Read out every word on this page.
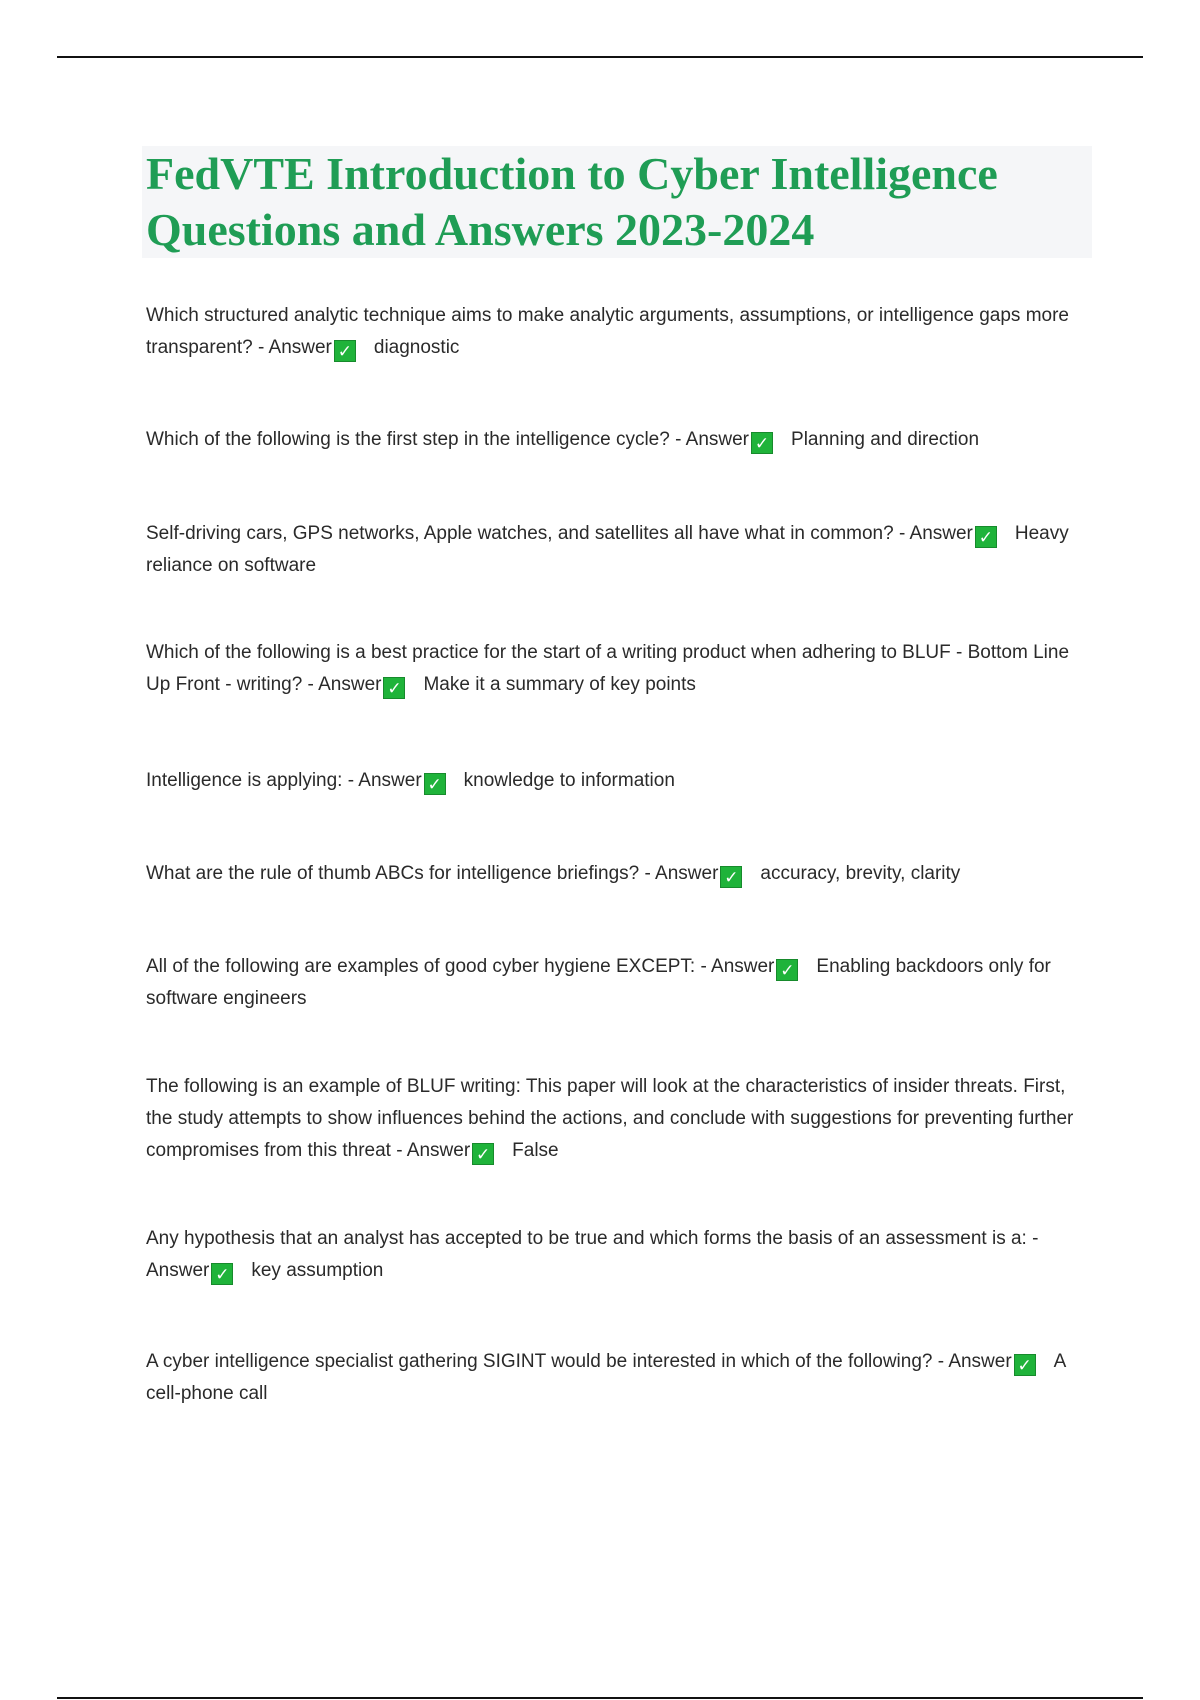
FedVTE Introduction to Cyber Intelligence Questions and Answers 2023-2024
Which structured analytic technique aims to make analytic arguments, assumptions, or intelligence gaps more transparent? - Answer ✓ diagnostic
Which of the following is the first step in the intelligence cycle? - Answer ✓ Planning and direction
Self-driving cars, GPS networks, Apple watches, and satellites all have what in common? - Answer ✓ Heavy reliance on software
Which of the following is a best practice for the start of a writing product when adhering to BLUF - Bottom Line Up Front - writing? - Answer ✓ Make it a summary of key points
Intelligence is applying: - Answer ✓ knowledge to information
What are the rule of thumb ABCs for intelligence briefings? - Answer ✓ accuracy, brevity, clarity
All of the following are examples of good cyber hygiene EXCEPT: - Answer ✓ Enabling backdoors only for software engineers
The following is an example of BLUF writing: This paper will look at the characteristics of insider threats. First, the study attempts to show influences behind the actions, and conclude with suggestions for preventing further compromises from this threat - Answer ✓ False
Any hypothesis that an analyst has accepted to be true and which forms the basis of an assessment is a: - Answer ✓ key assumption
A cyber intelligence specialist gathering SIGINT would be interested in which of the following? - Answer ✓ A cell-phone call
